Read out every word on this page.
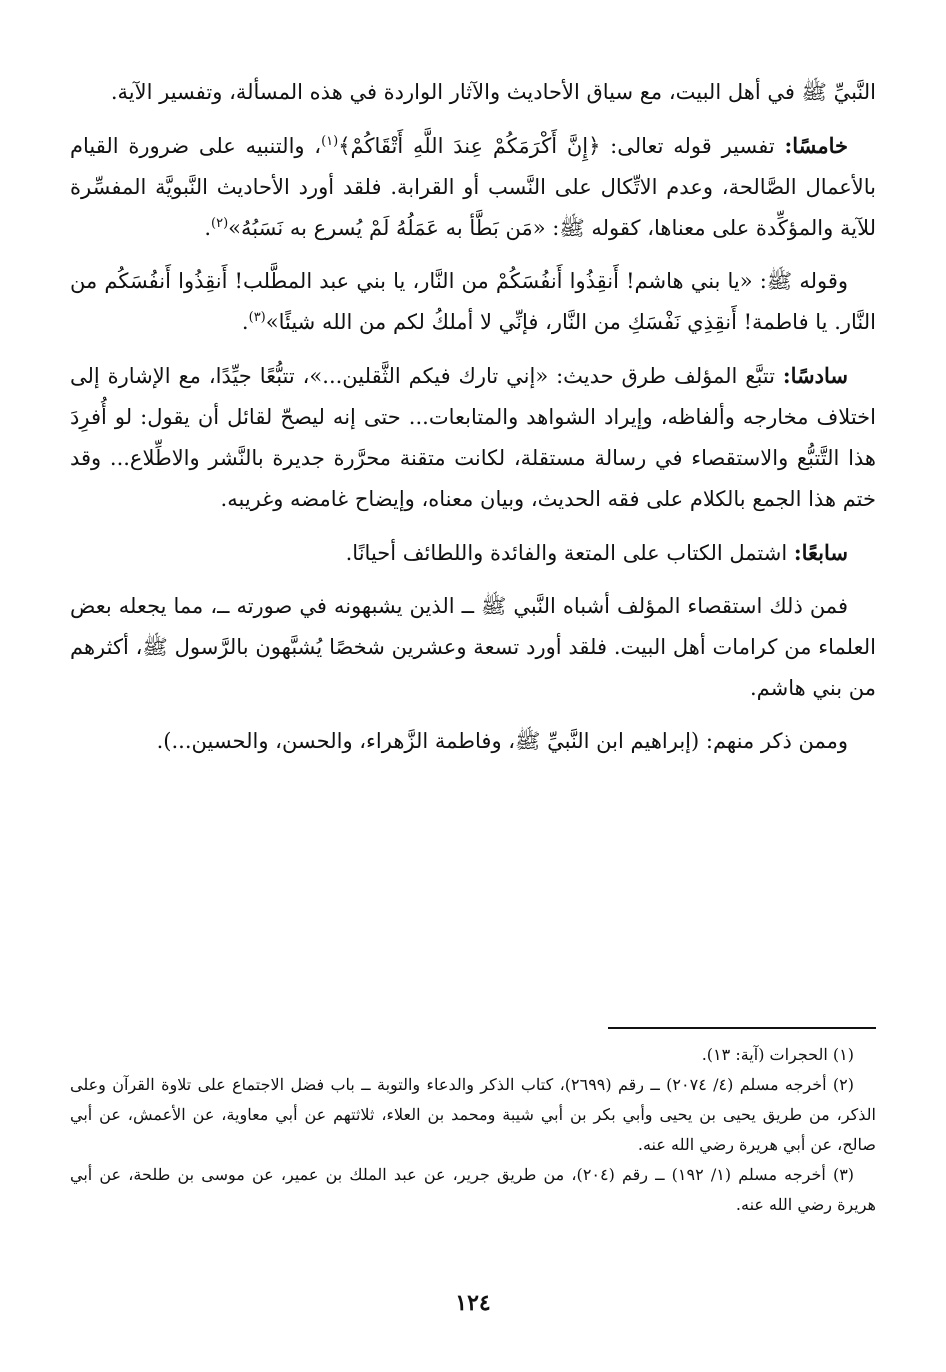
النَّبيِّ ﷺ في أهل البيت، مع سياق الأحاديث والآثار الواردة في هذه المسألة، وتفسير الآية.

خامسًا: تفسير قوله تعالى: ﴿إِنَّ أَكْرَمَكُمْ عِندَ اللَّهِ أَتْقَاكُمْ﴾$^{(١)}$، والتنبيه على ضرورة القيام بالأعمال الصَّالحة، وعدم الاتِّكال على النَّسب أو القرابة. فلقد أورد الأحاديث النَّبويَّة المفسِّرة للآية والمؤكِّدة على معناها، كقوله ﷺ: «مَن بَطَّأ به عَمَلُهُ لَمْ يُسرع به نَسَبُهُ»$^{(٢)}$.

وقوله ﷺ: «يا بني هاشم! أَنقِذُوا أَنفُسَكُمْ من النَّار، يا بني عبد المطَّلب! أَنقِذُوا أَنفُسَكُم من النَّار. يا فاطمة! أَنقِذِي نَفْسَكِ من النَّار، فإنِّي لا أملكُ لكم من الله شيئًا»$^{(٣)}$.

سادسًا: تتبَّع المؤلف طرق حديث: «إني تارك فيكم الثَّقلين...»، تتبُّعًا جيِّدًا، مع الإشارة إلى اختلاف مخارجه وألفاظه، وإيراد الشواهد والمتابعات... حتى إنه ليصحّ لقائل أن يقول: لو أُفرِدَ هذا التَّتبُّع والاستقصاء في رسالة مستقلة، لكانت متقنة محرَّرة جديرة بالنَّشر والاطِّلاع... وقد ختم هذا الجمع بالكلام على فقه الحديث، وبيان معناه، وإيضاح غامضه وغريبه.

سابعًا: اشتمل الكتاب على المتعة والفائدة واللطائف أحيانًا.

فمن ذلك استقصاء المؤلف أشباه النَّبي ﷺ ــ الذين يشبهونه في صورته ــ، مما يجعله بعض العلماء من كرامات أهل البيت. فلقد أورد تسعة وعشرين شخصًا يُشبَّهون بالرَّسول ﷺ، أكثرهم من بني هاشم.

وممن ذكر منهم: (إبراهيم ابن النَّبيِّ ﷺ، وفاطمة الزَّهراء، والحسن، والحسين...).

(١) الحجرات (آية: ١٣).

(٢) أخرجه مسلم (٤/ ٢٠٧٤) ــ رقم (٢٦٩٩)، كتاب الذكر والدعاء والتوبة ــ باب فضل الاجتماع على تلاوة القرآن وعلى الذكر، من طريق يحيى بن يحيى وأبي بكر بن أبي شيبة ومحمد بن العلاء، ثلاثتهم عن أبي معاوية، عن الأعمش، عن أبي صالح، عن أبي هريرة رضي الله عنه.

(٣) أخرجه مسلم (١/ ١٩٢) ــ رقم (٢٠٤)، من طريق جرير، عن عبد الملك بن عمير، عن موسى بن طلحة، عن أبي هريرة رضي الله عنه.

١٢٤
